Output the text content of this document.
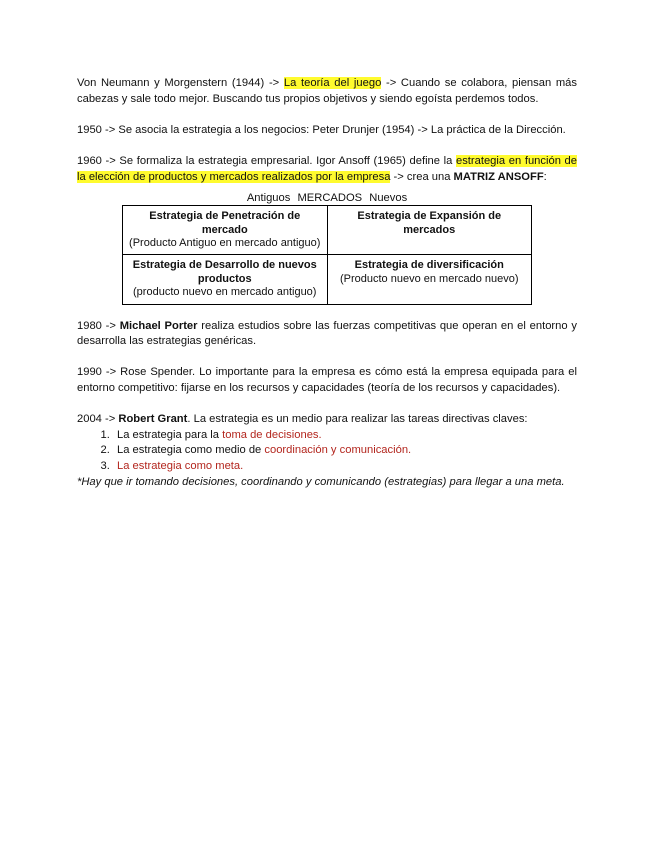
Von Neumann y Morgenstern (1944) -> La teoría del juego -> Cuando se colabora, piensan más cabezas y sale todo mejor. Buscando tus propios objetivos y siendo egoísta perdemos todos.

1950 -> Se asocia la estrategia a los negocios: Peter Drunjer (1954) -> La práctica de la Dirección.

1960 -> Se formaliza la estrategia empresarial. Igor Ansoff (1965) define la estrategia en función de la elección de productos y mercados realizados por la empresa -> crea una MATRIZ ANSOFF:

Antiguos MERCADOS Nuevos
Estrategia de Penetración de mercado
(Producto Antiguo en mercado antiguo)	Estrategia de Expansión de mercados

Estrategia de Desarrollo de nuevos productos
(producto nuevo en mercado antiguo)	Estrategia de diversificación
(Producto nuevo en mercado nuevo)

1980 -> Michael Porter realiza estudios sobre las fuerzas competitivas que operan en el entorno y desarrolla las estrategias genéricas.

1990 -> Rose Spender. Lo importante para la empresa es cómo está la empresa equipada para el entorno competitivo: fijarse en los recursos y capacidades (teoría de los recursos y capacidades).

2004 -> Robert Grant. La estrategia es un medio para realizar las tareas directivas claves:

1. La estrategia para la toma de decisiones.
2. La estrategia como medio de coordinación y comunicación.
3. La estrategia como meta.

*Hay que ir tomando decisiones, coordinando y comunicando (estrategias) para llegar a una meta.
